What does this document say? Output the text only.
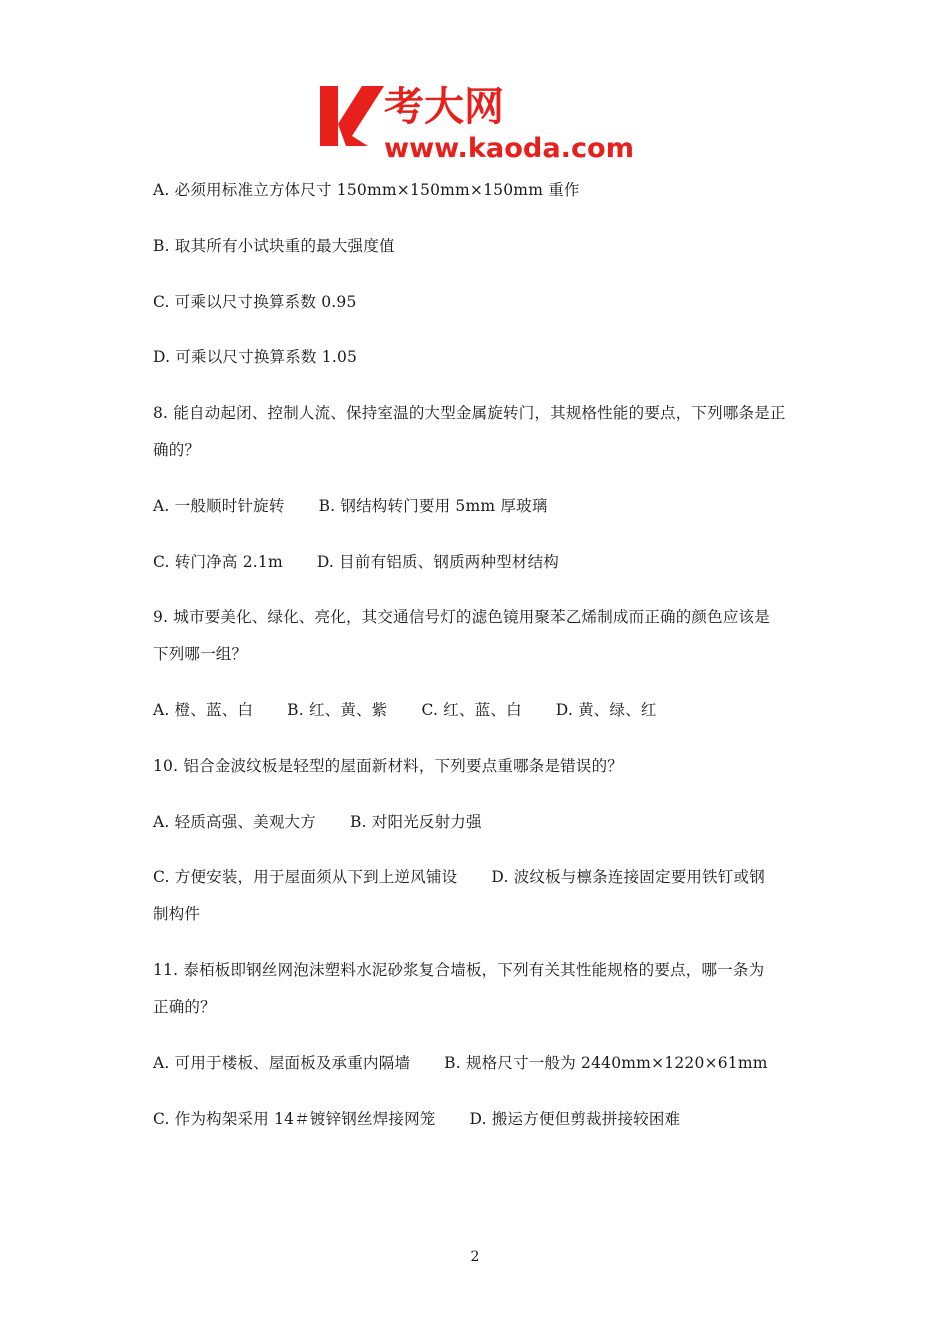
考大网
www.kaoda.com
A. 必须用标准立方体尺寸 150mm×150mm×150mm 重作
B. 取其所有小试块重的最大强度值
C. 可乘以尺寸换算系数 0.95
D. 可乘以尺寸换算系数 1.05
8. 能自动起闭、控制人流、保持室温的大型金属旋转门，其规格性能的要点，下列哪条是正
确的？
A. 一般顺时针旋转 B. 钢结构转门要用 5mm 厚玻璃
C. 转门净高 2.1m D. 目前有铝质、钢质两种型材结构
9. 城市要美化、绿化、亮化，其交通信号灯的滤色镜用聚苯乙烯制成而正确的颜色应该是
下列哪一组？
A. 橙、蓝、白 B. 红、黄、紫 C. 红、蓝、白 D. 黄、绿、红
10. 铝合金波纹板是轻型的屋面新材料，下列要点重哪条是错误的？
A. 轻质高强、美观大方 B. 对阳光反射力强
C. 方便安装，用于屋面须从下到上逆风铺设 D. 波纹板与檩条连接固定要用铁钉或钢
制构件
11. 泰栢板即钢丝网泡沫塑料水泥砂浆复合墙板，下列有关其性能规格的要点，哪一条为
正确的？
A. 可用于楼板、屋面板及承重内隔墙 B. 规格尺寸一般为 2440mm×1220×61mm
C. 作为构架采用 14＃镀锌钢丝焊接网笼 D. 搬运方便但剪裁拼接较困难
2
